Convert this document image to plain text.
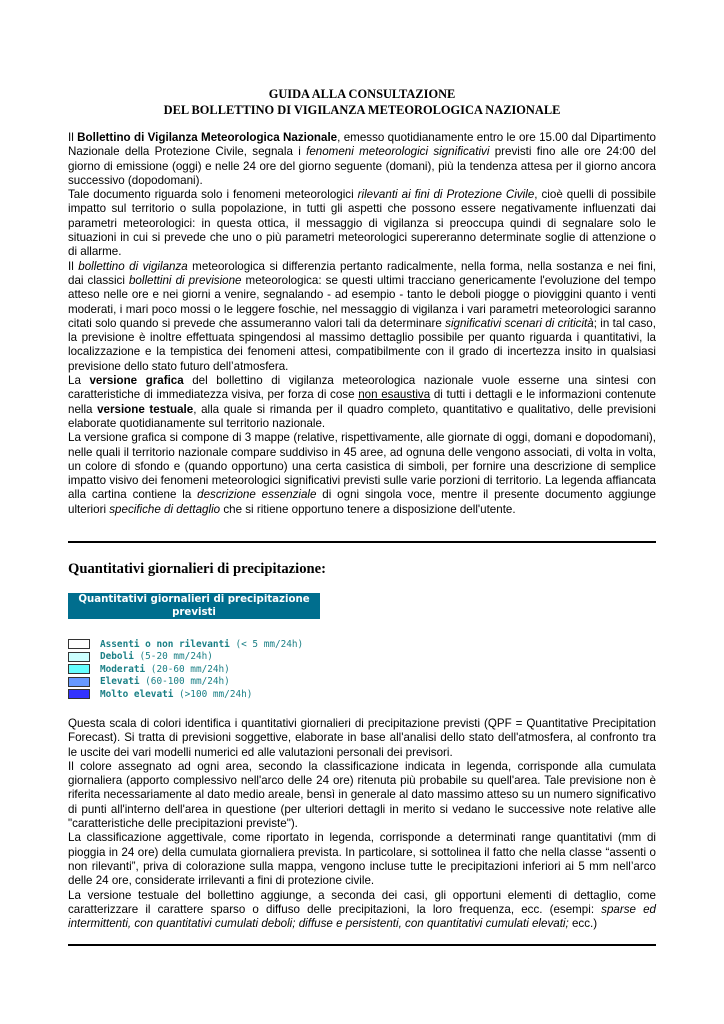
GUIDA ALLA CONSULTAZIONE
DEL BOLLETTINO DI VIGILANZA METEOROLOGICA NAZIONALE

Il Bollettino di Vigilanza Meteorologica Nazionale, emesso quotidianamente entro le ore 15.00 dal Dipartimento Nazionale della Protezione Civile, segnala i fenomeni meteorologici significativi previsti fino alle ore 24:00 del giorno di emissione (oggi) e nelle 24 ore del giorno seguente (domani), più la tendenza attesa per il giorno ancora successivo (dopodomani).

Tale documento riguarda solo i fenomeni meteorologici rilevanti ai fini di Protezione Civile, cioè quelli di possibile impatto sul territorio o sulla popolazione, in tutti gli aspetti che possono essere negativamente influenzati dai parametri meteorologici: in questa ottica, il messaggio di vigilanza si preoccupa quindi di segnalare solo le situazioni in cui si prevede che uno o più parametri meteorologici supereranno determinate soglie di attenzione o di allarme.

Il bollettino di vigilanza meteorologica si differenzia pertanto radicalmente, nella forma, nella sostanza e nei fini, dai classici bollettini di previsione meteorologica: se questi ultimi tracciano genericamente l'evoluzione del tempo atteso nelle ore e nei giorni a venire, segnalando - ad esempio - tanto le deboli piogge o pioviggini quanto i venti moderati, i mari poco mossi o le leggere foschie, nel messaggio di vigilanza i vari parametri meteorologici saranno citati solo quando si prevede che assumeranno valori tali da determinare significativi scenari di criticità; in tal caso, la previsione è inoltre effettuata spingendosi al massimo dettaglio possibile per quanto riguarda i quantitativi, la localizzazione e la tempistica dei fenomeni attesi, compatibilmente con il grado di incertezza insito in qualsiasi previsione dello stato futuro dell’atmosfera.

La versione grafica del bollettino di vigilanza meteorologica nazionale vuole esserne una sintesi con caratteristiche di immediatezza visiva, per forza di cose non esaustiva di tutti i dettagli e le informazioni contenute nella versione testuale, alla quale si rimanda per il quadro completo, quantitativo e qualitativo, delle previsioni elaborate quotidianamente sul territorio nazionale.

La versione grafica si compone di 3 mappe (relative, rispettivamente, alle giornate di oggi, domani e dopodomani), nelle quali il territorio nazionale compare suddiviso in 45 aree, ad ognuna delle vengono associati, di volta in volta, un colore di sfondo e (quando opportuno) una certa casistica di simboli, per fornire una descrizione di semplice impatto visivo dei fenomeni meteorologici significativi previsti sulle varie porzioni di territorio. La legenda affiancata alla cartina contiene la descrizione essenziale di ogni singola voce, mentre il presente documento aggiunge ulteriori specifiche di dettaglio che si ritiene opportuno tenere a disposizione dell'utente.

Quantitativi giornalieri di precipitazione:
Quantitativi giornalieri di precipitazione previsti
Assenti o non rilevanti (< 5 mm/24h)
Deboli (5-20 mm/24h)
Moderati (20-60 mm/24h)
Elevati (60-100 mm/24h)
Molto elevati (>100 mm/24h)

Questa scala di colori identifica i quantitativi giornalieri di precipitazione previsti (QPF = Quantitative Precipitation Forecast). Si tratta di previsioni soggettive, elaborate in base all'analisi dello stato dell'atmosfera, al confronto tra le uscite dei vari modelli numerici ed alle valutazioni personali dei previsori.

Il colore assegnato ad ogni area, secondo la classificazione indicata in legenda, corrisponde alla cumulata giornaliera (apporto complessivo nell'arco delle 24 ore) ritenuta più probabile su quell'area. Tale previsione non è riferita necessariamente al dato medio areale, bensì in generale al dato massimo atteso su un numero significativo di punti all'interno dell'area in questione (per ulteriori dettagli in merito si vedano le successive note relative alle "caratteristiche delle precipitazioni previste").

La classificazione aggettivale, come riportato in legenda, corrisponde a determinati range quantitativi (mm di pioggia in 24 ore) della cumulata giornaliera prevista. In particolare, si sottolinea il fatto che nella classe “assenti o non rilevanti”, priva di colorazione sulla mappa, vengono incluse tutte le precipitazioni inferiori ai 5 mm nell’arco delle 24 ore, considerate irrilevanti a fini di protezione civile.

La versione testuale del bollettino aggiunge, a seconda dei casi, gli opportuni elementi di dettaglio, come caratterizzare il carattere sparso o diffuso delle precipitazioni, la loro frequenza, ecc. (esempi: sparse ed intermittenti, con quantitativi cumulati deboli; diffuse e persistenti, con quantitativi cumulati elevati; ecc.)
